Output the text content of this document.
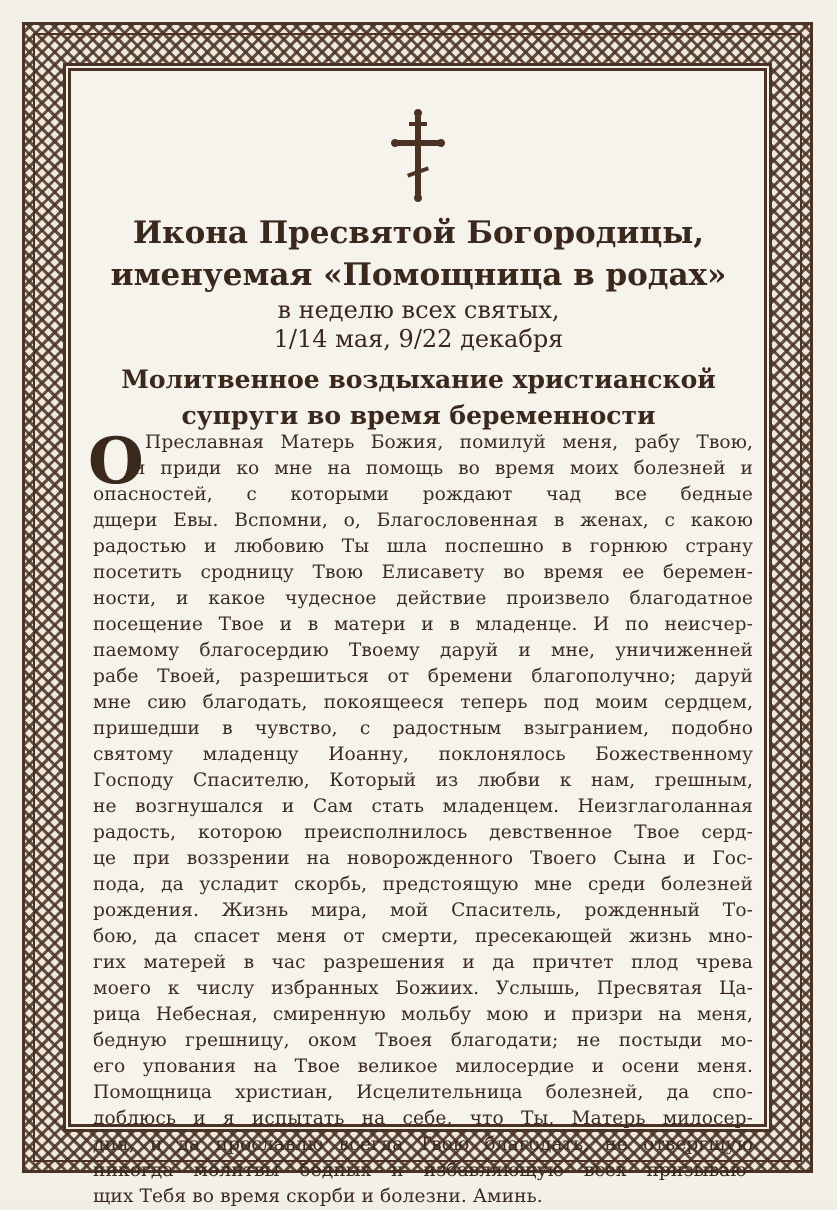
Икона Пресвятой Богородицы,
именуемая «Помощница в родах»
в неделю всех святых,
1/14 мая, 9/22 декабря
Молитвенное воздыхание христианской
супруги во время беременности
О Преславная Матерь Божия, помилуй меня, рабу Твою,
и приди ко мне на помощь во время моих болезней и
опасностей, с которыми рождают чад все бедные
дщери Евы. Вспомни, о, Благословенная в женах, с какою
радостью и любовию Ты шла поспешно в горнюю страну
посетить сродницу Твою Елисавету во время ее беремен-
ности, и какое чудесное действие произвело благодатное
посещение Твое и в матери и в младенце. И по неисчер-
паемому благосердию Твоему даруй и мне, уничиженней
рабе Твоей, разрешиться от бремени благополучно; даруй
мне сию благодать, покоящееся теперь под моим сердцем,
пришедши в чувство, с радостным взыгранием, подобно
святому младенцу Иоанну, поклонялось Божественному
Господу Спасителю, Который из любви к нам, грешным,
не возгнушался и Сам стать младенцем. Неизглаголанная
радость, которою преисполнилось девственное Твое серд-
це при воззрении на новорожденного Твоего Сына и Гос-
пода, да усладит скорбь, предстоящую мне среди болезней
рождения. Жизнь мира, мой Спаситель, рожденный То-
бою, да спасет меня от смерти, пресекающей жизнь мно-
гих матерей в час разрешения и да причтет плод чрева
моего к числу избранных Божиих. Услышь, Пресвятая Ца-
рица Небесная, смиренную мольбу мою и призри на меня,
бедную грешницу, оком Твоея благодати; не постыди мо-
его упования на Твое великое милосердие и осени меня.
Помощница христиан, Исцелительница болезней, да спо-
доблюсь и я испытать на себе, что Ты, Матерь милосер-
дия, и да прославлю всегда Твою благодать, не отвергшую
никогда молитвы бедных и избавляющую всех призываю-
щих Тебя во время скорби и болезни. Аминь.
